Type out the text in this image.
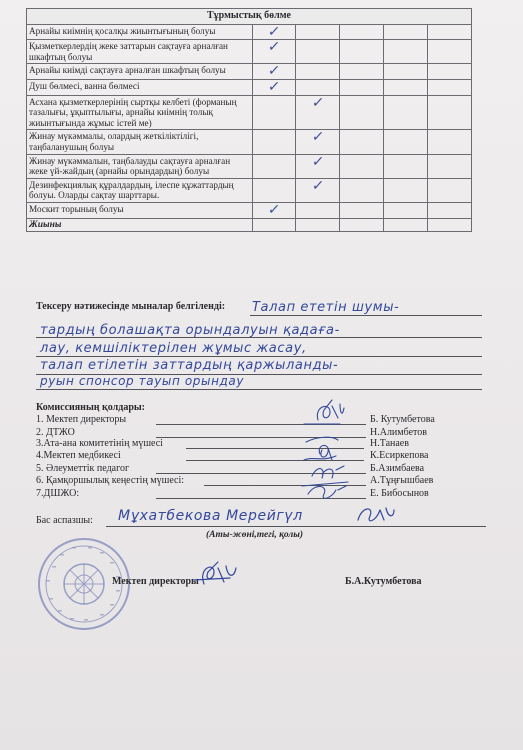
Тұрмыстық бөлме					
Арнайы киімнің қосалқы жиынтығының болуы	✓				
Қызметкерлердің жеке заттарын сақтауға арналған шкафтың болуы	✓				
Арнайы киімді сақтауға арналған шкафтың болуы	✓				
Душ бөлмесі, ванна бөлмесі	✓				
Асхана қызметкерлерінің сыртқы келбеті (форманың тазалығы, ұқыптылығы, арнайы киімнің толық жиынтығында жұмыс істей ме)		✓			
Жинау мүкәммалы, олардың жеткіліктілігі, таңбаланушың болуы		✓			
Жинау мүкәммалын, таңбалауды сақтауға арналған жеке үй-жайдың (арнайы орындардың) болуы		✓			
Дезинфекциялық құралдардың, ілеспе құжаттардың болуы. Оларды сақтау шарттары.		✓			
Москит торының болуы	✓				
Жиыны					
Тексеру нәтижесінде мыналар белгіленді: Талап ететін шумы-
тардың болашақта орындалуын қадаға-
лау, кемшіліктерілен жұмыс жасау,
талап етілетін заттардың қаржыланды-
руын спонсор тауып орындау
Комиссияның қолдары:
1. Мектеп директоры	Б. Кутумбетова
2. ДТЖО	Н.Алимбетов
3.Ата-ана комитетінің мүшесі	Н.Танаев
4.Мектеп медбикесі	К.Есиркепова
5. Әлеуметтік педагог	Б.Азимбаева
6. Қамқоршылық кеңестің мүшесі:	А.Тұңғышбаев
7.ДШЖО:	Е. Бибосынов
Бас аспазшы: Мұхатбекова Мерейгүл
(Аты-жөні,тегі, қолы)
Мектеп директоры	Б.А.Кутумбетова
